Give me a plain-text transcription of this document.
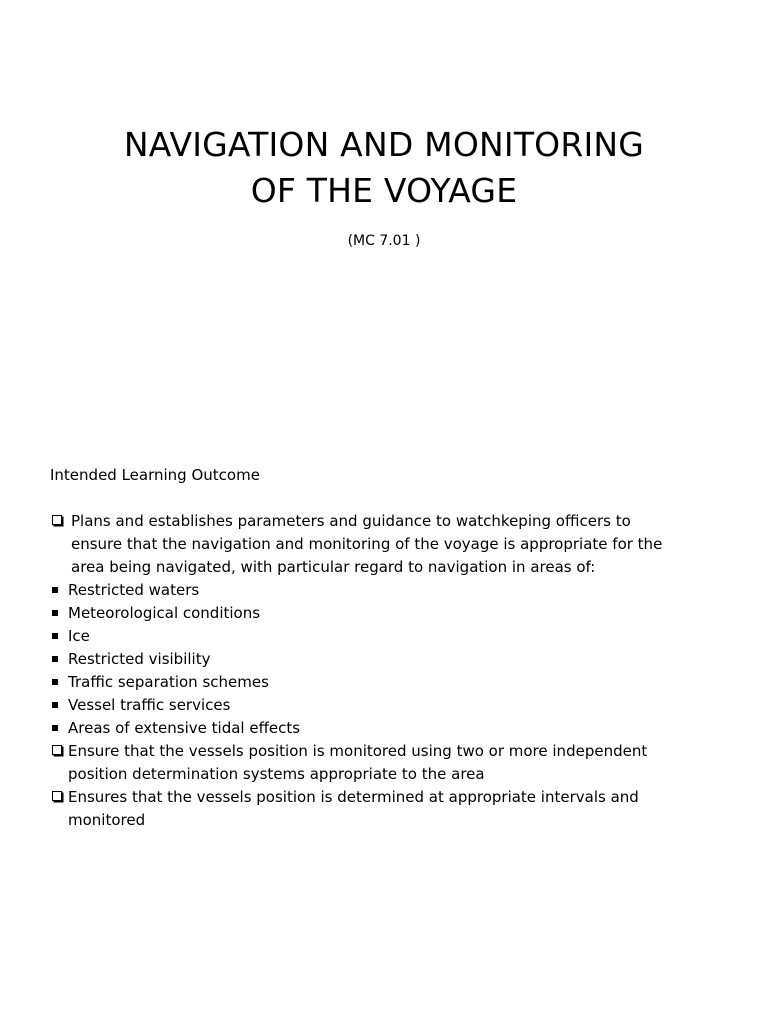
NAVIGATION AND MONITORING
OF THE VOYAGE
(MC 7.01 )
Intended Learning Outcome
Plans and establishes parameters and guidance to watchkeping officers to
ensure that the navigation and monitoring of the voyage is appropriate for the
area being navigated, with particular regard to navigation in areas of:
Restricted waters
Meteorological conditions
Ice
Restricted visibility
Traffic separation schemes
Vessel traffic services
Areas of extensive tidal effects
Ensure that the vessels position is monitored using two or more independent
position determination systems appropriate to the area
Ensures that the vessels position is determined at appropriate intervals and
monitored
